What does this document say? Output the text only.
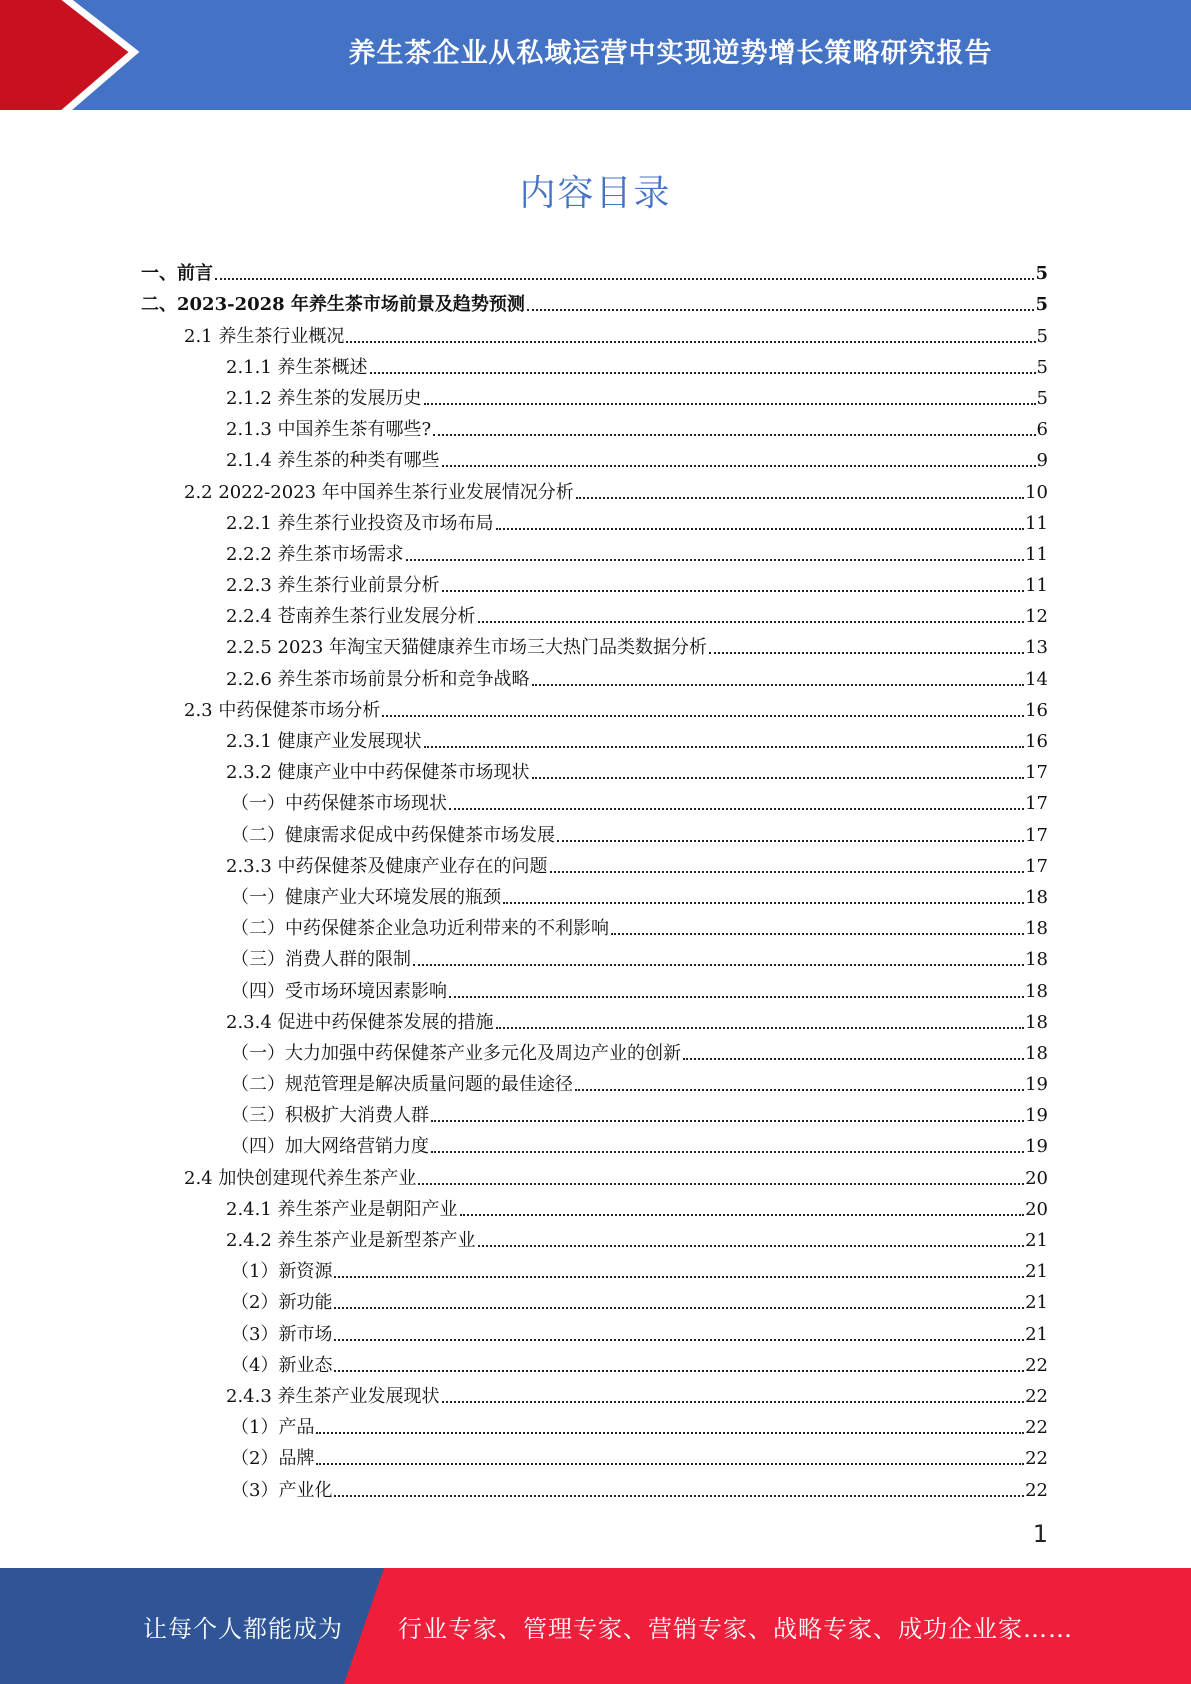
养生茶企业从私域运营中实现逆势增长策略研究报告
内容目录
一、前言	5
二、2023-2028 年养生茶市场前景及趋势预测	5
2.1 养生茶行业概况	5
2.1.1 养生茶概述	5
2.1.2 养生茶的发展历史	5
2.1.3 中国养生茶有哪些?	6
2.1.4 养生茶的种类有哪些	9
2.2 2022-2023 年中国养生茶行业发展情况分析	10
2.2.1 养生茶行业投资及市场布局	11
2.2.2 养生茶市场需求	11
2.2.3 养生茶行业前景分析	11
2.2.4 苍南养生茶行业发展分析	12
2.2.5 2023 年淘宝天猫健康养生市场三大热门品类数据分析	13
2.2.6 养生茶市场前景分析和竞争战略	14
2.3 中药保健茶市场分析	16
2.3.1 健康产业发展现状	16
2.3.2 健康产业中中药保健茶市场现状	17
（一）中药保健茶市场现状	17
（二）健康需求促成中药保健茶市场发展	17
2.3.3 中药保健茶及健康产业存在的问题	17
（一）健康产业大环境发展的瓶颈	18
（二）中药保健茶企业急功近利带来的不利影响	18
（三）消费人群的限制	18
（四）受市场环境因素影响	18
2.3.4 促进中药保健茶发展的措施	18
（一）大力加强中药保健茶产业多元化及周边产业的创新	18
（二）规范管理是解决质量问题的最佳途径	19
（三）积极扩大消费人群	19
（四）加大网络营销力度	19
2.4 加快创建现代养生茶产业	20
2.4.1 养生茶产业是朝阳产业	20
2.4.2 养生茶产业是新型茶产业	21
（1）新资源	21
（2）新功能	21
（3）新市场	21
（4）新业态	22
2.4.3 养生茶产业发展现状	22
（1）产品	22
（2）品牌	22
（3）产业化	22
1
让每个人都能成为 行业专家、管理专家、营销专家、战略专家、成功企业家……
